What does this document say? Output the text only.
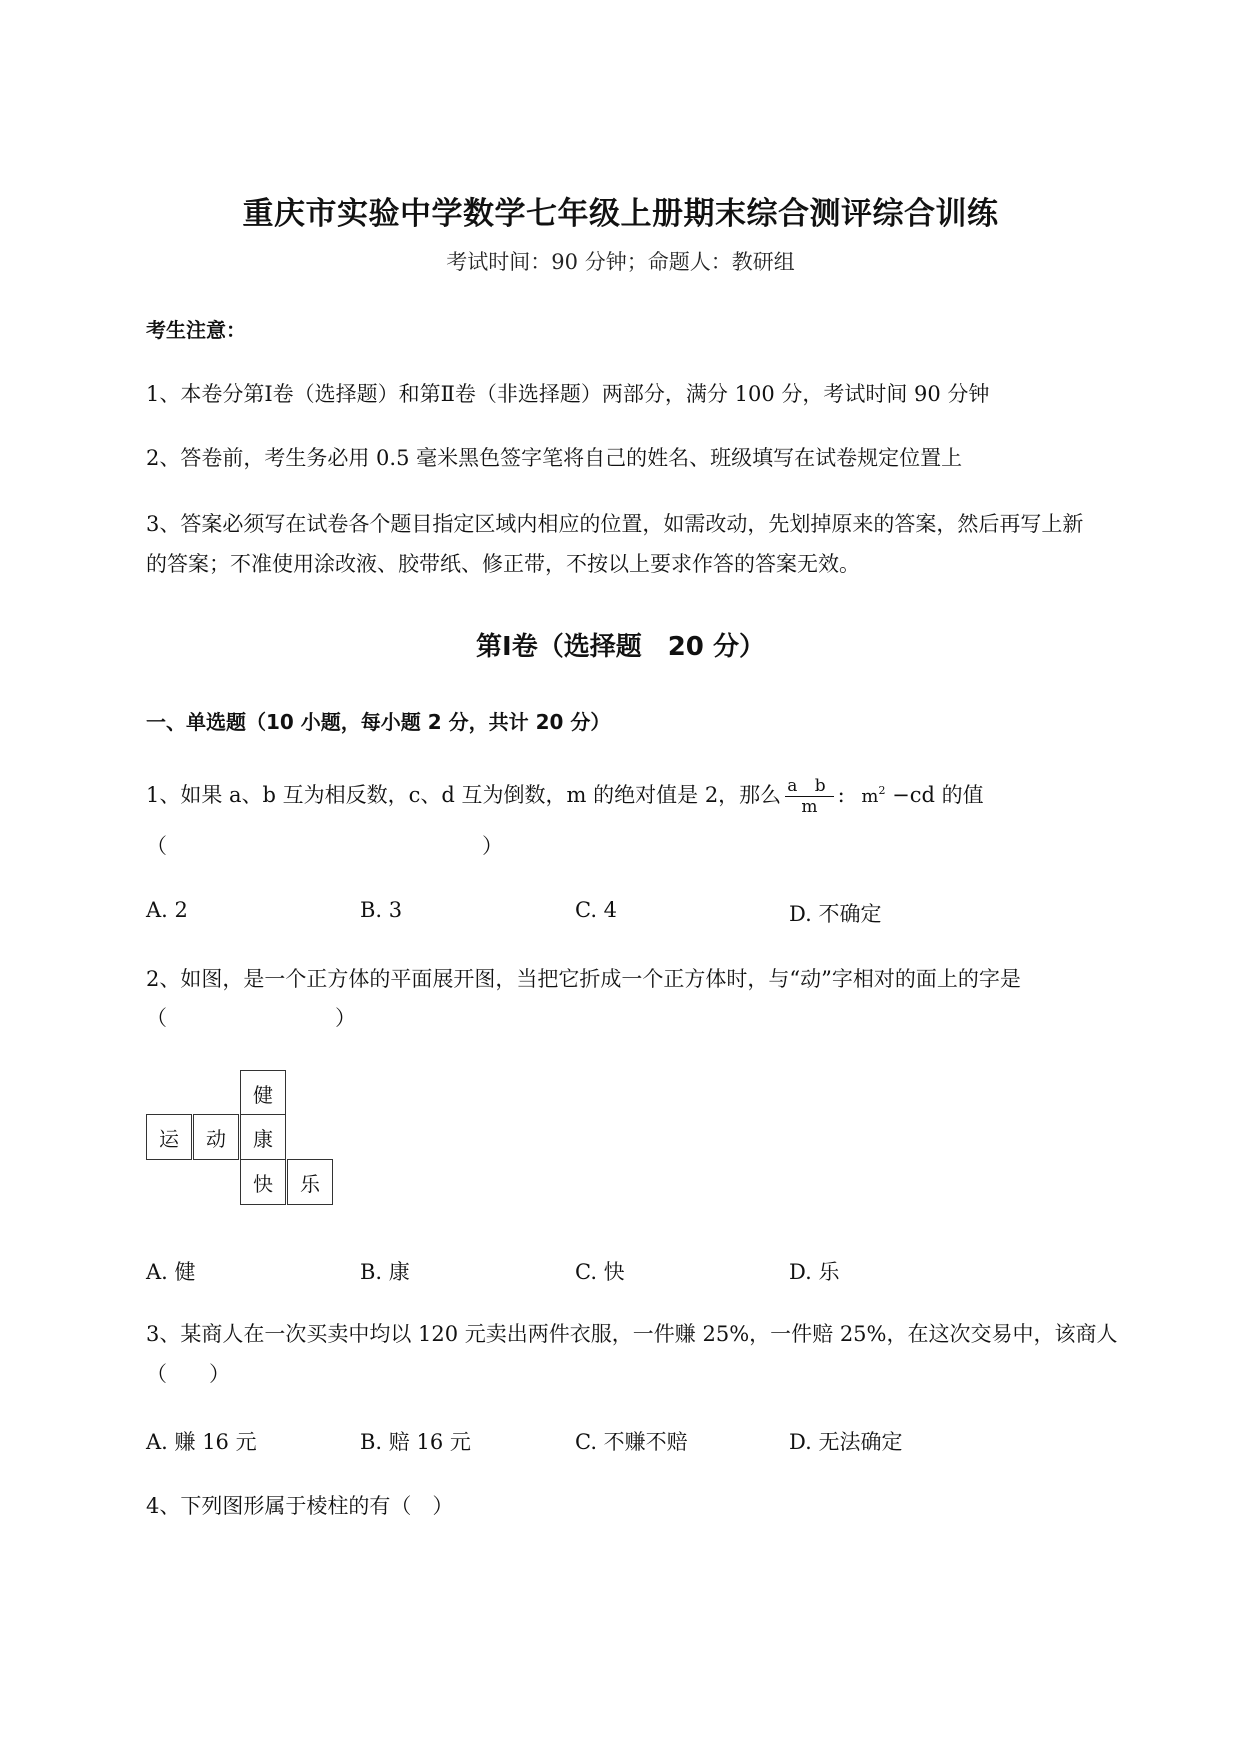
重庆市实验中学数学七年级上册期末综合测评综合训练
考试时间：90 分钟；命题人：教研组
考生注意：
1、本卷分第Ⅰ卷（选择题）和第Ⅱ卷（非选择题）两部分，满分 100 分，考试时间 90 分钟
2、答卷前，考生务必用 0.5 毫米黑色签字笔将自己的姓名、班级填写在试卷规定位置上
3、答案必须写在试卷各个题目指定区域内相应的位置，如需改动，先划掉原来的答案，然后再写上新
的答案；不准使用涂改液、胶带纸、修正带，不按以上要求作答的答案无效。
第Ⅰ卷（选择题　20 分）
一、单选题（10 小题，每小题 2 分，共计 20 分）
1、如果 a、b 互为相反数，c、d 互为倒数，m 的绝对值是 2，那么 $\frac{\text{a b}}{m}$ : $m^2 -cd$ 的值
（　　　　　　　　　　　　　　　）
A. 2	B. 3	C. 4	D. 不确定
2、如图，是一个正方体的平面展开图，当把它折成一个正方体时，与“动”字相对的面上的字是
（　　　　　　　　）
健
运	动	康
快	乐
A. 健	B. 康	C. 快	D. 乐
3、某商人在一次买卖中均以 120 元卖出两件衣服，一件赚 25%，一件赔 25%，在这次交易中，该商人
（　　）
A. 赚 16 元	B. 赔 16 元	C. 不赚不赔	D. 无法确定
4、下列图形属于棱柱的有（　）
